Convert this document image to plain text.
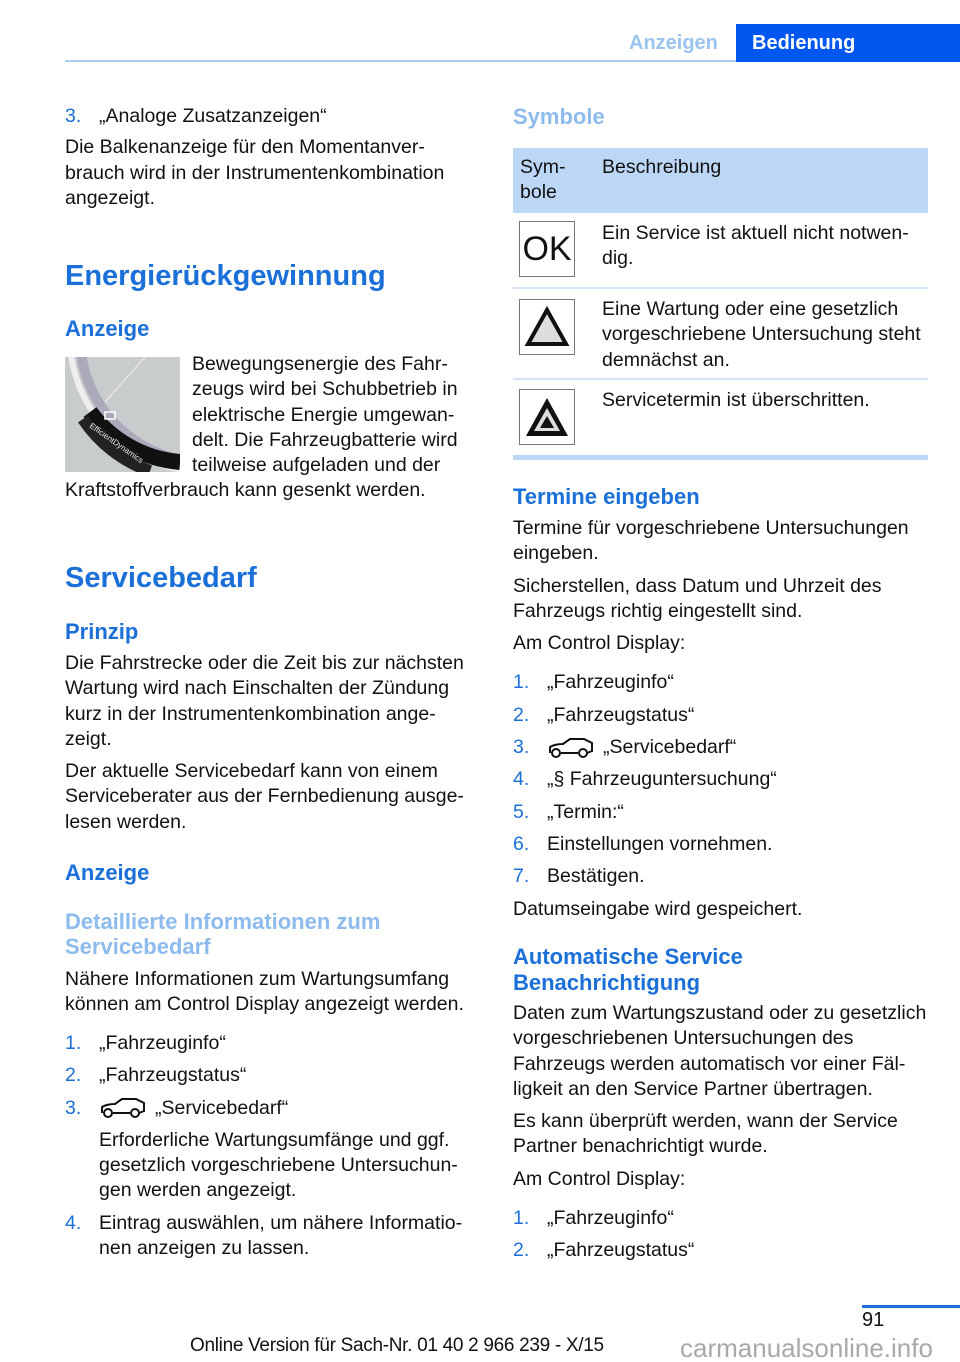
Anzeigen	Bedienung
3. „Analoge Zusatzanzeigen“

Die Balkenanzeige für den Momentanverbrauch wird in der Instrumentenkombination angezeigt.

Energierückgewinnung
Anzeige
EfficientDynamics
Bewegungsenergie des Fahrzeugs wird bei Schubbetrieb in elektrische Energie umgewandelt. Die Fahrzeugbatterie wird teilweise aufgeladen und der
Kraftstoffverbrauch kann gesenkt werden.
Servicebedarf
Prinzip

Die Fahrstrecke oder die Zeit bis zur nächsten Wartung wird nach Einschalten der Zündung kurz in der Instrumentenkombination angezeigt.

Der aktuelle Servicebedarf kann von einem Serviceberater aus der Fernbedienung ausgelesen werden.

Anzeige
Detaillierte Informationen zum Servicebedarf
Nähere Informationen zum Wartungsumfang können am Control Display angezeigt werden.
1. „Fahrzeuginfo“
2. „Fahrzeugstatus“
3.	„Servicebedarf“

Erforderliche Wartungsumfänge und ggf. gesetzlich vorgeschriebene Untersuchungen werden angezeigt.

4. Eintrag auswählen, um nähere Informationen anzeigen zu lassen.
Symbole
Symbole
Beschreibung
OK Ein Service ist aktuell nicht notwendig.
Eine Wartung oder eine gesetzlich vorgeschriebene Untersuchung steht demnächst an.
Servicetermin ist überschritten.
Termine eingeben

Termine für vorgeschriebene Untersuchungen eingeben.

Sicherstellen, dass Datum und Uhrzeit des Fahrzeugs richtig eingestellt sind.

Am Control Display:

1. „Fahrzeuginfo“
2. „Fahrzeugstatus“
3.	„Servicebedarf“
4. „§ Fahrzeuguntersuchung“
5. „Termin:“
6. Einstellungen vornehmen.
7. Bestätigen.

Datumseingabe wird gespeichert.

Automatische Service Benachrichtigung

Daten zum Wartungszustand oder zu gesetzlich vorgeschriebenen Untersuchungen des Fahrzeugs werden automatisch vor einer Fälligkeit an den Service Partner übertragen.

Es kann überprüft werden, wann der Service Partner benachrichtigt wurde.

Am Control Display:

1. „Fahrzeuginfo“
2. „Fahrzeugstatus“
91
Online Version für Sach-Nr. 01 40 2 966 239 - X/15	carmanualsonline.info
